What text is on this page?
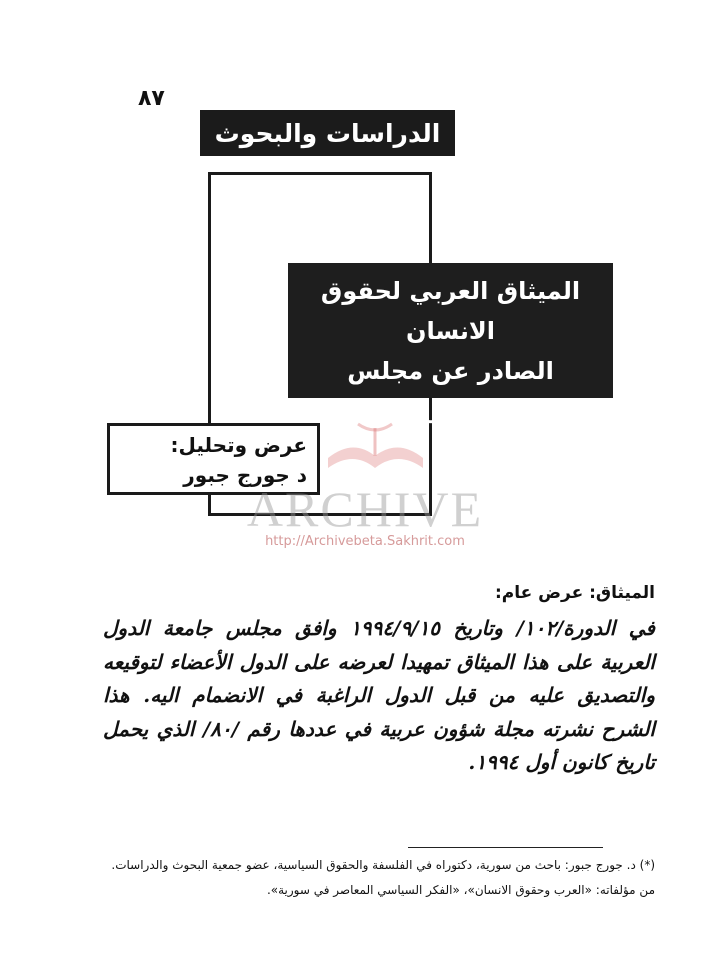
٨٧
الدراسات والبحوث
الميثاق العربي لحقوق الانسان
الصادر عن مجلس
جامعة الدول العربية
عرض وتحليل:
د جورج جبور
ARCHIVE
http://Archivebeta.Sakhrit.com
الميثاق: عرض عام:
في الدورة/١٠٢/ وتاريخ ١٩٩٤/٩/١٥ وافق مجلس جامعة الدول العربية على هذا الميثاق تمهيدا لعرضه على الدول الأعضاء لتوقيعه والتصديق عليه من قبل الدول الراغبة في الانضمام اليه. هذا الشرح نشرته مجلة شؤون عربية في عددها رقم /٨٠/ الذي يحمل تاريخ كانون أول ١٩٩٤.
(*) د. جورج جبور: باحث من سورية، دكتوراه في الفلسفة والحقوق السياسية، عضو جمعية البحوث والدراسات. من مؤلفاته: «العرب وحقوق الانسان»، «الفكر السياسي المعاصر في سورية».
